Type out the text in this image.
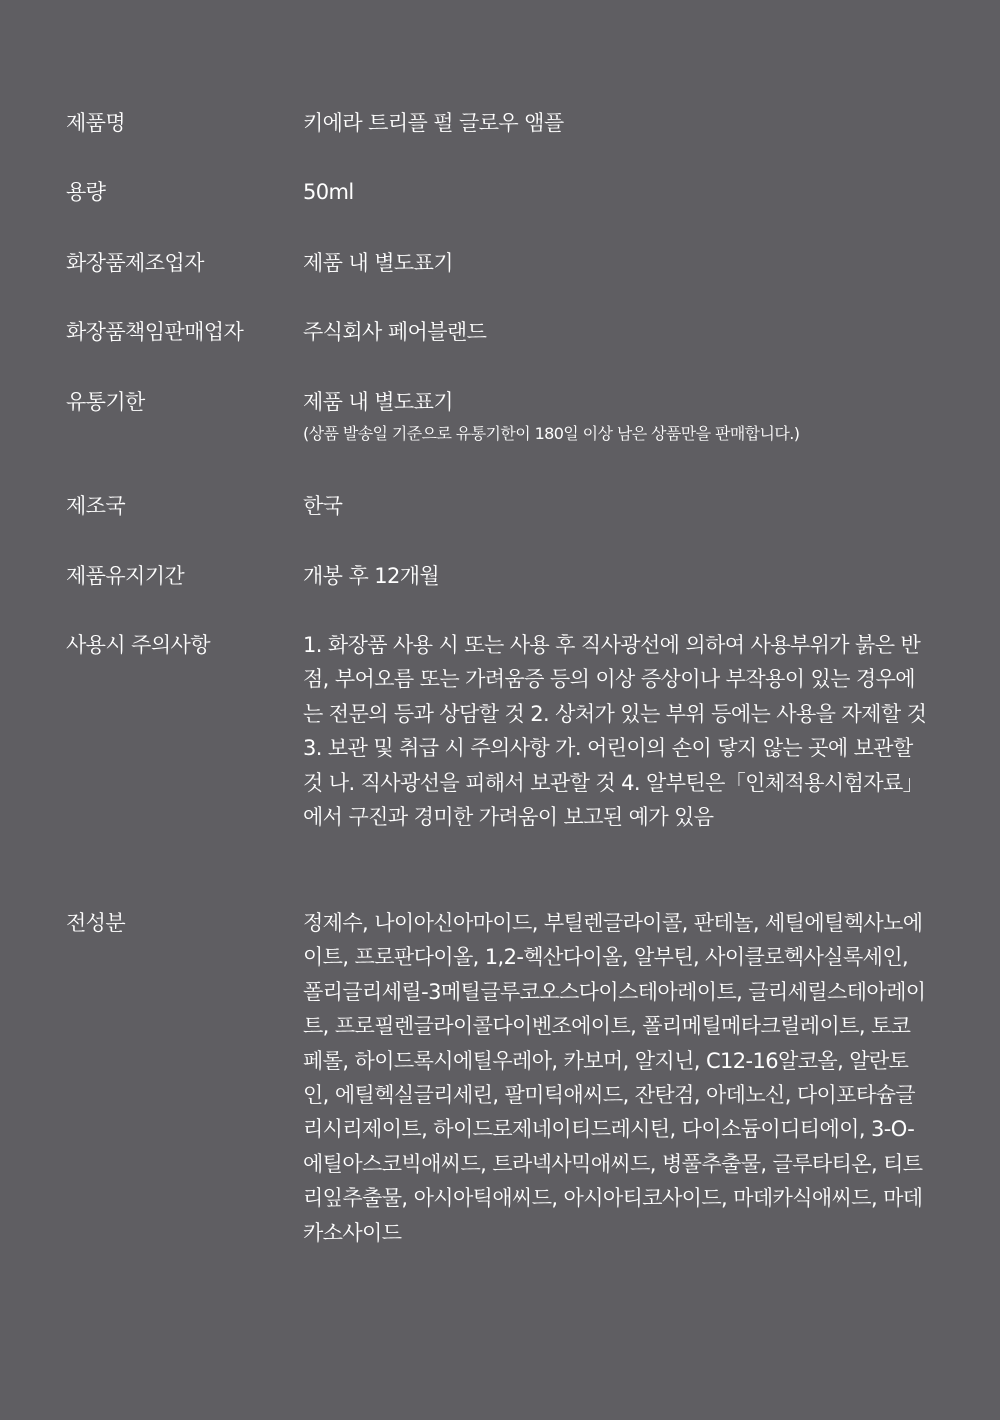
제품명	키에라 트리플 펄 글로우 앰플
용량	50ml
화장품제조업자	제품 내 별도표기
화장품책임판매업자	주식회사 페어블랜드
유통기한	제품 내 별도표기
(상품 발송일 기준으로 유통기한이 180일 이상 남은 상품만을 판매합니다.)
제조국	한국
제품유지기간	개봉 후 12개월
사용시 주의사항	1. 화장품 사용 시 또는 사용 후 직사광선에 의하여 사용부위가 붉은 반점, 부어오름 또는 가려움증 등의 이상 증상이나 부작용이 있는 경우에는 전문의 등과 상담할 것 2. 상처가 있는 부위 등에는 사용을 자제할 것 3. 보관 및 취급 시 주의사항 가. 어린이의 손이 닿지 않는 곳에 보관할 것 나. 직사광선을 피해서 보관할 것 4. 알부틴은「인체적용시험자료」에서 구진과 경미한 가려움이 보고된 예가 있음
전성분	정제수, 나이아신아마이드, 부틸렌글라이콜, 판테놀, 세틸에틸헥사노에이트, 프로판다이올, 1,2-헥산다이올, 알부틴, 사이클로헥사실록세인, 폴리글리세릴-3메틸글루코오스다이스테아레이트, 글리세릴스테아레이트, 프로필렌글라이콜다이벤조에이트, 폴리메틸메타크릴레이트, 토코페롤, 하이드록시에틸우레아, 카보머, 알지닌, C12-16알코올, 알란토인, 에틸헥실글리세린, 팔미틱애씨드, 잔탄검, 아데노신, 다이포타슘글리시리제이트, 하이드로제네이티드레시틴, 다이소듐이디티에이, 3-O-에틸아스코빅애씨드, 트라넥사믹애씨드, 병풀추출물, 글루타티온, 티트리잎추출물, 아시아틱애씨드, 아시아티코사이드, 마데카식애씨드, 마데카소사이드
